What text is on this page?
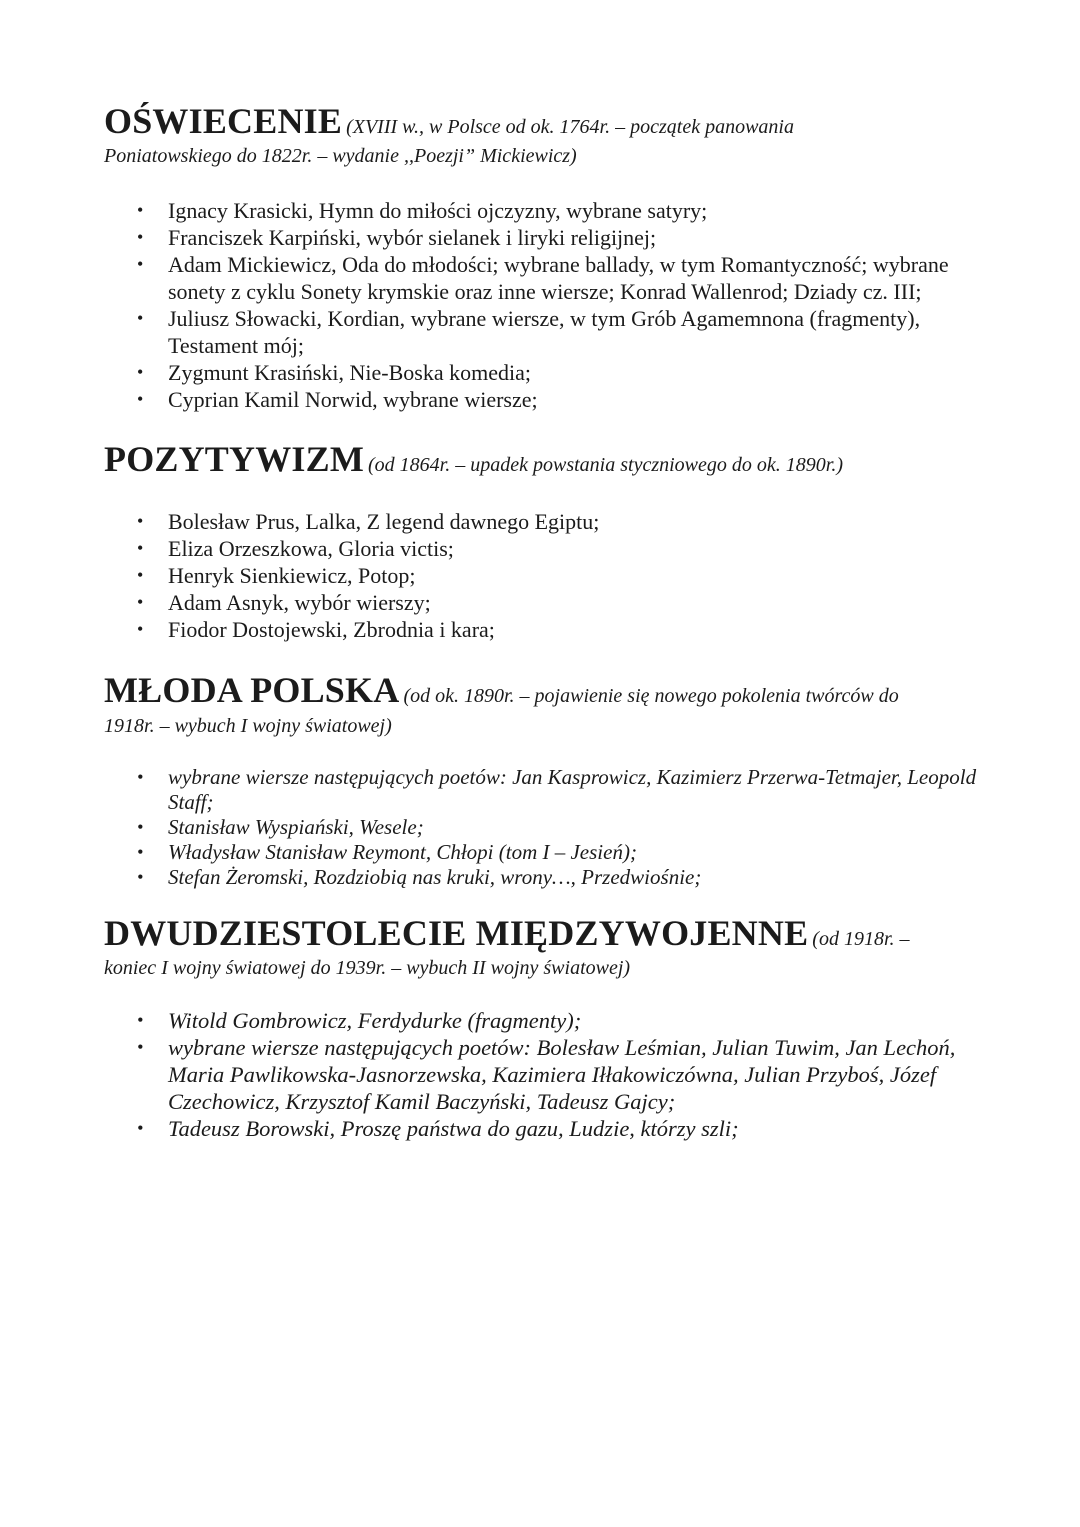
OŚWIECENIE (XVIII w., w Polsce od ok. 1764r. – początek panowania
Poniatowskiego do 1822r. – wydanie ,,Poezji” Mickiewicz)

• Ignacy Krasicki, Hymn do miłości ojczyzny, wybrane satyry;
• Franciszek Karpiński, wybór sielanek i liryki religijnej;
• Adam Mickiewicz, Oda do młodości; wybrane ballady, w tym Romantyczność; wybrane sonety z cyklu Sonety krymskie oraz inne wiersze; Konrad Wallenrod; Dziady cz. III;
• Juliusz Słowacki, Kordian, wybrane wiersze, w tym Grób Agamemnona (fragmenty), Testament mój;
• Zygmunt Krasiński, Nie-Boska komedia;
• Cyprian Kamil Norwid, wybrane wiersze;

POZYTYWIZM (od 1864r. – upadek powstania styczniowego do ok. 1890r.)

• Bolesław Prus, Lalka, Z legend dawnego Egiptu;
• Eliza Orzeszkowa, Gloria victis;
• Henryk Sienkiewicz, Potop;
• Adam Asnyk, wybór wierszy;
• Fiodor Dostojewski, Zbrodnia i kara;

MŁODA POLSKA (od ok. 1890r. – pojawienie się nowego pokolenia twórców do
1918r. – wybuch I wojny światowej)

• wybrane wiersze następujących poetów: Jan Kasprowicz, Kazimierz Przerwa-Tetmajer, Leopold Staff;
• Stanisław Wyspiański, Wesele;
• Władysław Stanisław Reymont, Chłopi (tom I – Jesień);
• Stefan Żeromski, Rozdziobią nas kruki, wrony…, Przedwiośnie;

DWUDZIESTOLECIE MIĘDZYWOJENNE (od 1918r. –
koniec I wojny światowej do 1939r. – wybuch II wojny światowej)

• Witold Gombrowicz, Ferdydurke (fragmenty);
• wybrane wiersze następujących poetów: Bolesław Leśmian, Julian Tuwim, Jan Lechoń, Maria Pawlikowska-Jasnorzewska, Kazimiera Iłłakowiczówna, Julian Przyboś, Józef Czechowicz, Krzysztof Kamil Baczyński, Tadeusz Gajcy;
• Tadeusz Borowski, Proszę państwa do gazu, Ludzie, którzy szli;
